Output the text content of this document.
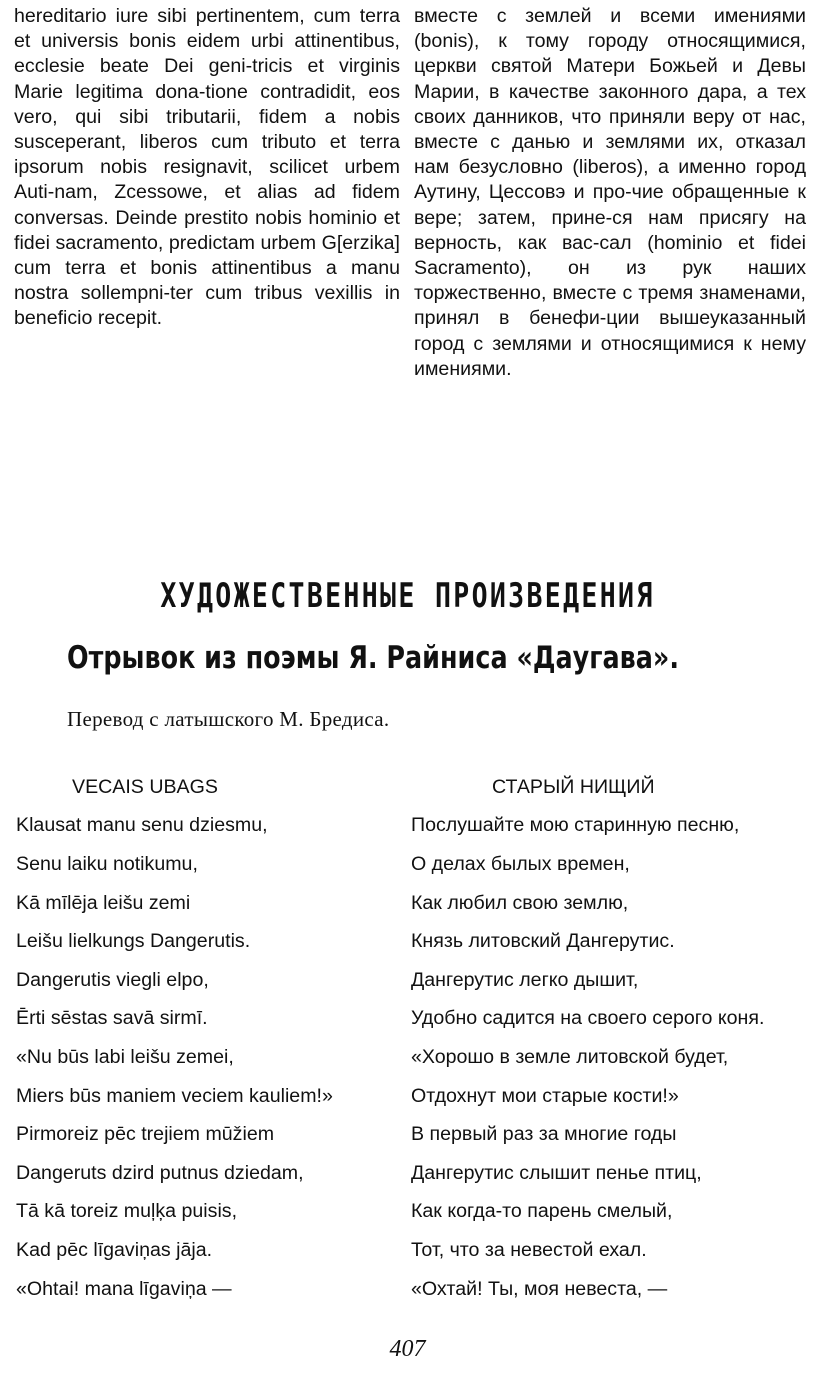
hereditario iure sibi pertinentem, cum terra et universis bonis eidem urbi attinentibus, ecclesie beate Dei geni-tricis et virginis Marie legitima dona-tione contradidit, eos vero, qui sibi tributarii, fidem a nobis susceperant, liberos cum tributo et terra ipsorum nobis resignavit, scilicet urbem Auti-nam, Zcessowe, et alias ad fidem conversas. Deinde prestito nobis hominio et fidei sacramento, predictam urbem G[erzika] cum terra et bonis attinentibus a manu nostra sollempni-ter cum tribus vexillis in beneficio recepit.

вместе с землей и всеми имениями (bonis), к тому городу относящимися, церкви святой Матери Божьей и Девы Марии, в качестве законного дара, а тех своих данников, что приняли веру от нас, вместе с данью и землями их, отказал нам безусловно (liberos), а именно город Аутину, Цессовэ и про-чие обращенные к вере; затем, прине-ся нам присягу на верность, как вас-сал (hominio et fidei Sacramento), он из рук наших торжественно, вместе с тремя знаменами, принял в бенефи-ции вышеуказанный город с землями и относящимися к нему имениями.

ХУДОЖЕСТВЕННЫЕ ПРОИЗВЕДЕНИЯ
Отрывок из поэмы Я. Райниса «Даугава».
Перевод с латышского М. Бредиса.
VECAIS UBAGS	СТАРЫЙ НИЩИЙ
Klausat manu senu dziesmu,	Послушайте мою старинную песню,
Senu laiku notikumu,	О делах былых времен,
Kā mīlēja leišu zemi	Как любил свою землю,
Leišu lielkungs Dangerutis.	Князь литовский Дангерутис.
Dangerutis viegli elpo,	Дангерутис легко дышит,
Ērti sēstas savā sirmī.	Удобно садится на своего серого коня.
«Nu būs labi leišu zemei,	«Хорошо в земле литовской будет,
Miers būs maniem veciem kauliem!»	Отдохнут мои старые кости!»
Pirmoreiz pēc trejiem mūžiem	В первый раз за многие годы
Dangeruts dzird putnus dziedam,	Дангерутис слышит пенье птиц,
Tā kā toreiz muļķa puisis,	Как когда-то парень смелый,
Kad pēc līgaviņas jāja.	Тот, что за невестой ехал.
«Ohtai! mana līgaviņa —	«Охтай! Ты, моя невеста, —
407
